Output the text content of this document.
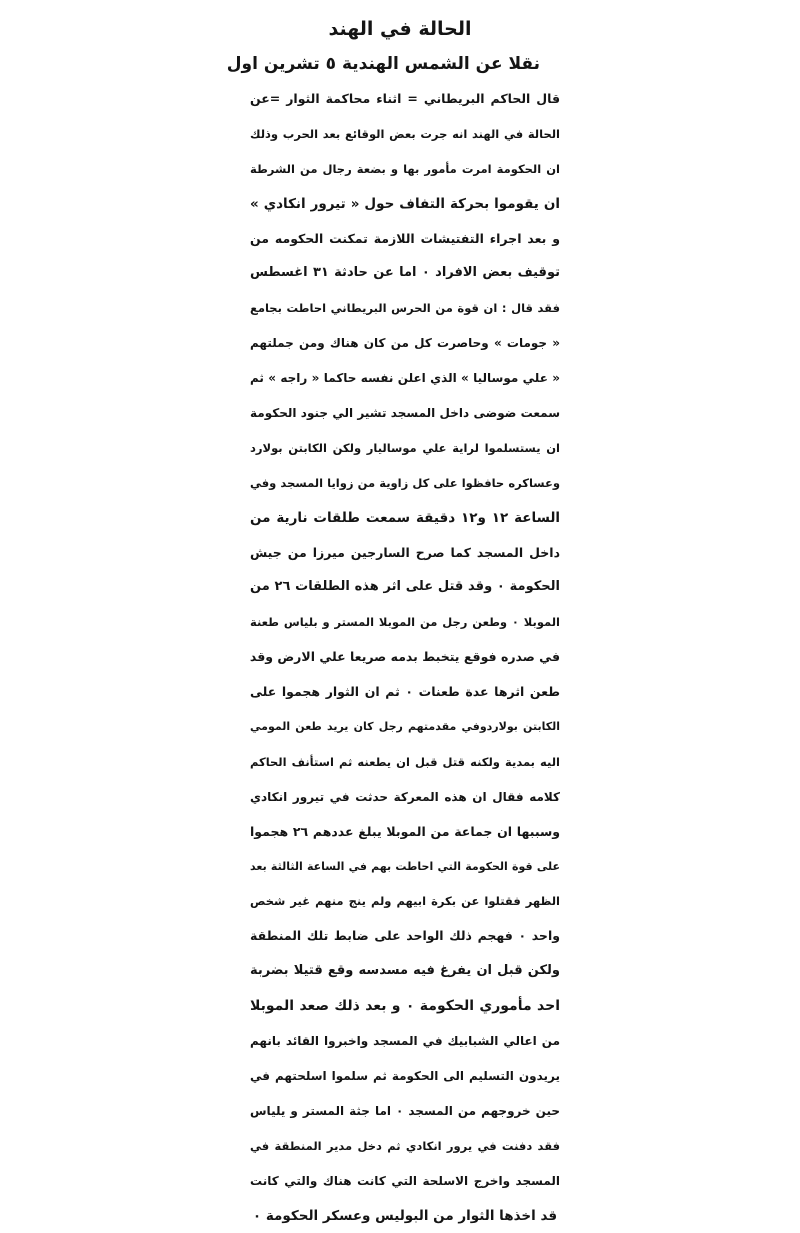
الحالة في الهند
نقلا عن الشمس الهندية ٥ تشرين اول
قال الحاكم البريطاني = اثناء محاكمة الثوار =عن
الحالة في الهند انه جرت بعض الوقائع بعد الحرب وذلك
ان الحكومة امرت مأمور بها و بضعة رجال من الشرطة
ان يقوموا بحركة التفاف حول « تيرور انكادي »
و بعد اجراء التفتيشات اللازمة تمكنت الحكومه من
توقيف بعض الافراد ٠ اما عن حادثة ٣١ اغسطس
فقد قال : ان قوة من الحرس البريطاني احاطت بجامع
« جومات » وحاصرت كل من كان هناك ومن جملتهم
« علي موساليا » الذي اعلن نفسه حاكما « راجه » ثم
سمعت ضوضى داخل المسجد تشير الي جنود الحكومة
ان يستسلموا لراية علي موساليار ولكن الكابتن بولارد
وعساكره حافظوا على كل زاوية من زوايا المسجد وفي
الساعة ١٢ و١٢ دقيقة سمعت طلقات نارية من
داخل المسجد كما صرح السارجين ميرزا من جيش
الحكومة ٠ وقد قتل على اثر هذه الطلقات ٢٦ من
الموبلا ٠ وطعن رجل من الموبلا المستر و بلياس طعنة
في صدره فوقع يتخبط بدمه صريعا علي الارض وقد
طعن اثرها عدة طعنات ٠ ثم ان الثوار هجموا على
الكابتن بولاردوفي مقدمتهم رجل كان يريد طعن المومي
اليه بمدية ولكنه قتل قبل ان يطعنه ثم استأنف الحاكم
كلامه فقال ان هذه المعركة حدثت في تيرور انكادي
وسببها ان جماعة من الموبلا يبلغ عددهم ٢٦ هجموا
على قوة الحكومة التي احاطت بهم في الساعة الثالثة بعد
الظهر فقتلوا عن بكرة ابيهم ولم ينج منهم غير شخص
واحد ٠ فهجم ذلك الواحد على ضابط تلك المنطقة
ولكن قبل ان يفرغ فيه مسدسه وقع قتيلا بضربة
احد مأموري الحكومة ٠ و بعد ذلك صعد الموبلا
من اعالي الشبابيك في المسجد واخبروا القائد بانهم
يريدون التسليم الى الحكومة ثم سلموا اسلحتهم في
حين خروجهم من المسجد ٠ اما جثة المستر و يلياس
فقد دفنت في يرور انكادي ثم دخل مدير المنطقة في
المسجد واخرج الاسلحة التي كانت هناك والتي كانت
قد اخذها الثوار من البوليس وعسكر الحكومة ٠
